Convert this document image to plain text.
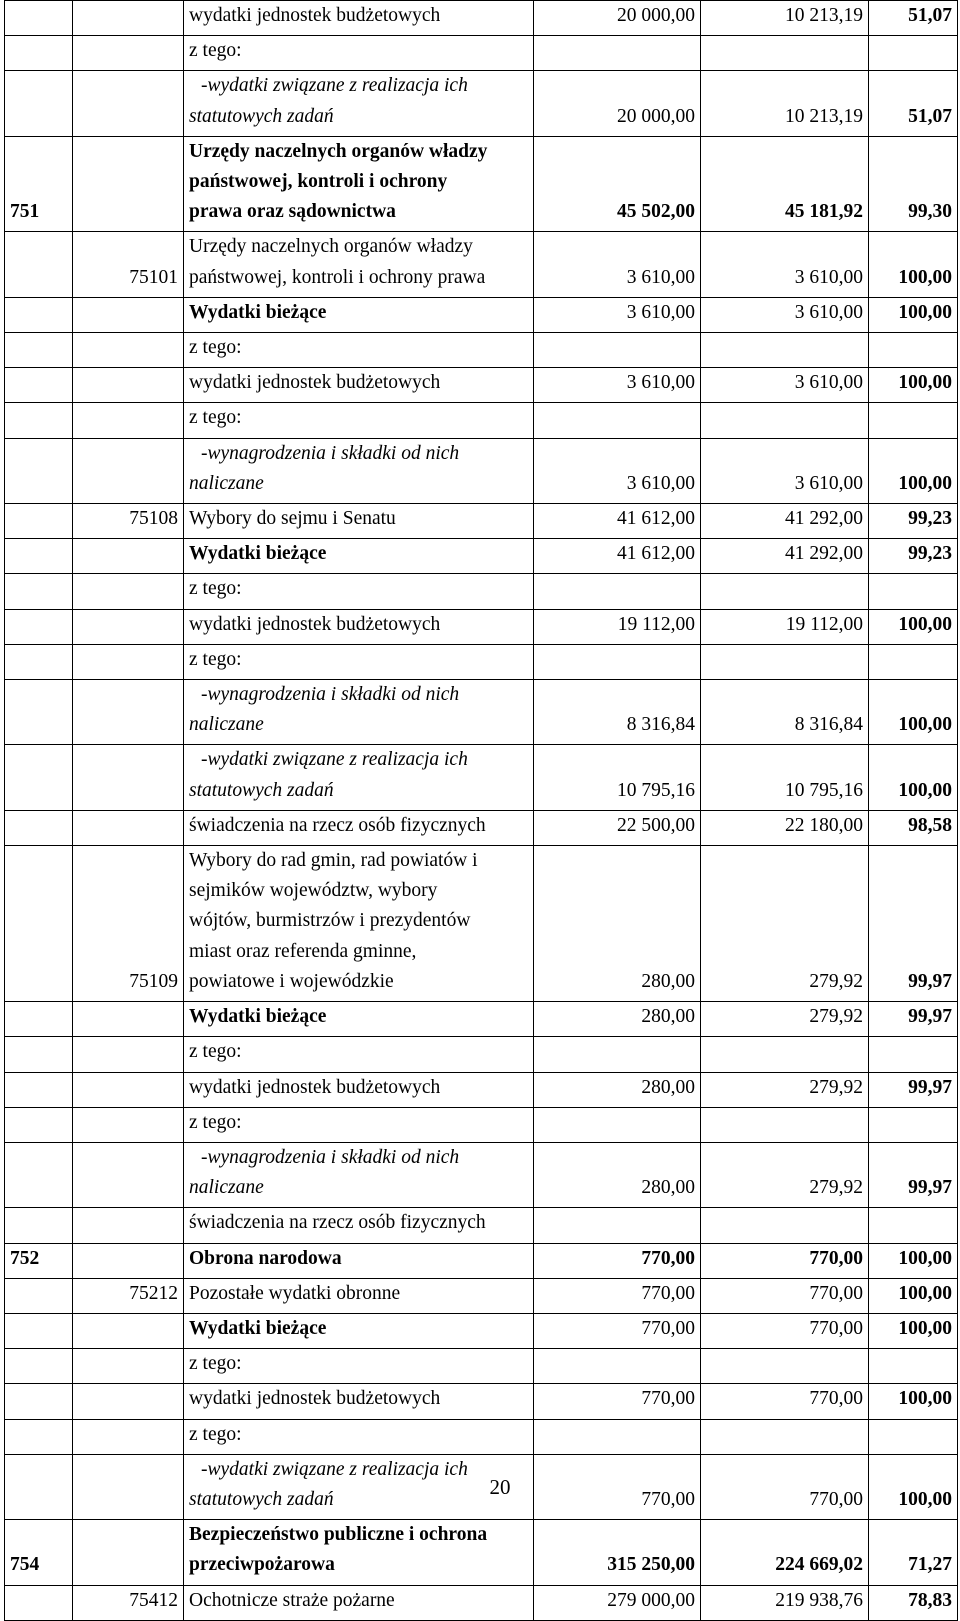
		wydatki jednostek budżetowych	20 000,00	10 213,19	51,07

		z tego:			

		-wydatki związane z realizacja ich
statutowych zadań	20 000,00	10 213,19	51,07
751		Urzędy naczelnych organów władzy
państwowej, kontroli i ochrony
prawa oraz sądownictwa	45 502,00	45 181,92	99,30
	75101	Urzędy naczelnych organów władzy
państwowej, kontroli i ochrony prawa	3 610,00	3 610,00	100,00

		Wydatki bieżące	3 610,00	3 610,00	100,00

		z tego:			

		wydatki jednostek budżetowych	3 610,00	3 610,00	100,00

		z tego:			

		-wynagrodzenia i składki od nich
naliczane	3 610,00	3 610,00	100,00
	75108	Wybory do sejmu i Senatu	41 612,00	41 292,00	99,23

		Wydatki bieżące	41 612,00	41 292,00	99,23

		z tego:			

		wydatki jednostek budżetowych	19 112,00	19 112,00	100,00

		z tego:			

		-wynagrodzenia i składki od nich
naliczane	8 316,84	8 316,84	100,00

		-wydatki związane z realizacja ich
statutowych zadań	10 795,16	10 795,16	100,00

		świadczenia na rzecz osób fizycznych	22 500,00	22 180,00	98,58
	75109	Wybory do rad gmin, rad powiatów i
sejmików województw, wybory
wójtów, burmistrzów i prezydentów
miast oraz referenda gminne,
powiatowe i wojewódzkie	280,00	279,92	99,97

		Wydatki bieżące	280,00	279,92	99,97

		z tego:			

		wydatki jednostek budżetowych	280,00	279,92	99,97

		z tego:			

		-wynagrodzenia i składki od nich
naliczane	280,00	279,92	99,97

		świadczenia na rzecz osób fizycznych			

752		Obrona narodowa	770,00	770,00	100,00
	75212	Pozostałe wydatki obronne	770,00	770,00	100,00

		Wydatki bieżące	770,00	770,00	100,00

		z tego:			

		wydatki jednostek budżetowych	770,00	770,00	100,00

		z tego:			

		-wydatki związane z realizacja ich
statutowych zadań	770,00	770,00	100,00
754		Bezpieczeństwo publiczne i ochrona
przeciwpożarowa	315 250,00	224 669,02	71,27
	75412	Ochotnicze straże pożarne	279 000,00	219 938,76	78,83
20
